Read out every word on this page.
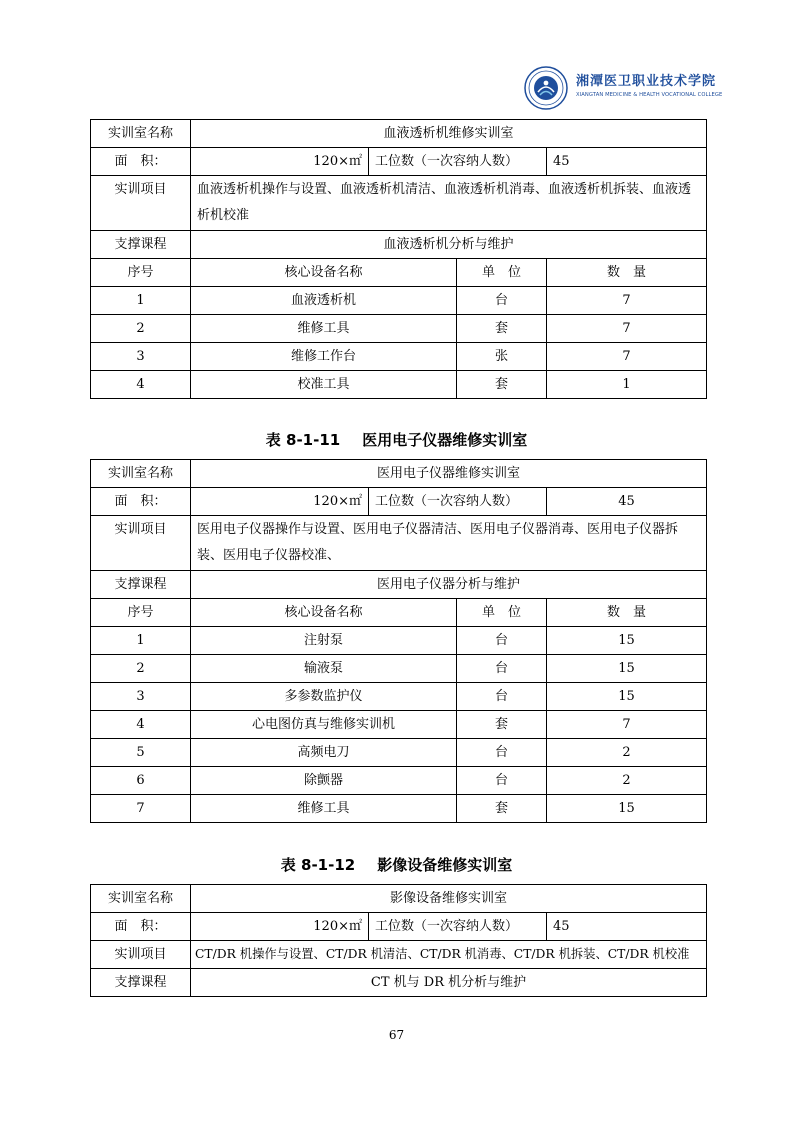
湘潭医卫职业技术学院
XIANGTAN MEDICINE & HEALTH VOCATIONAL COLLEGE
实训室名称	血液透析机维修实训室			
面　积：	120×㎡	工位数（一次容纳人数）		45
实训项目	血液透析机操作与设置、血液透析机清洁、血液透析机消毒、血液透析机拆装、血液透析机校准			
支撑课程	血液透析机分析与维护			
序号	核心设备名称		单　位	数　量
1	血液透析机		台	7
2	维修工具		套	7
3	维修工作台		张	7
4	校准工具		套	1
表 8-1-11 医用电子仪器维修实训室
实训室名称	医用电子仪器维修实训室			
面　积：	120×㎡	工位数（一次容纳人数）		45
实训项目	医用电子仪器操作与设置、医用电子仪器清洁、医用电子仪器消毒、医用电子仪器拆装、医用电子仪器校准、			
支撑课程	医用电子仪器分析与维护			
序号	核心设备名称		单　位	数　量
1	注射泵		台	15
2	输液泵		台	15
3	多参数监护仪		台	15
4	心电图仿真与维修实训机		套	7
5	高频电刀		台	2
6	除颤器		台	2
7	维修工具		套	15
表 8-1-12 影像设备维修实训室
实训室名称	影像设备维修实训室		
面　积：	120×㎡	工位数（一次容纳人数）	45
实训项目	CT/DR 机操作与设置、CT/DR 机清洁、CT/DR 机消毒、CT/DR 机拆装、CT/DR 机校准		
支撑课程	CT 机与 DR 机分析与维护		
67
